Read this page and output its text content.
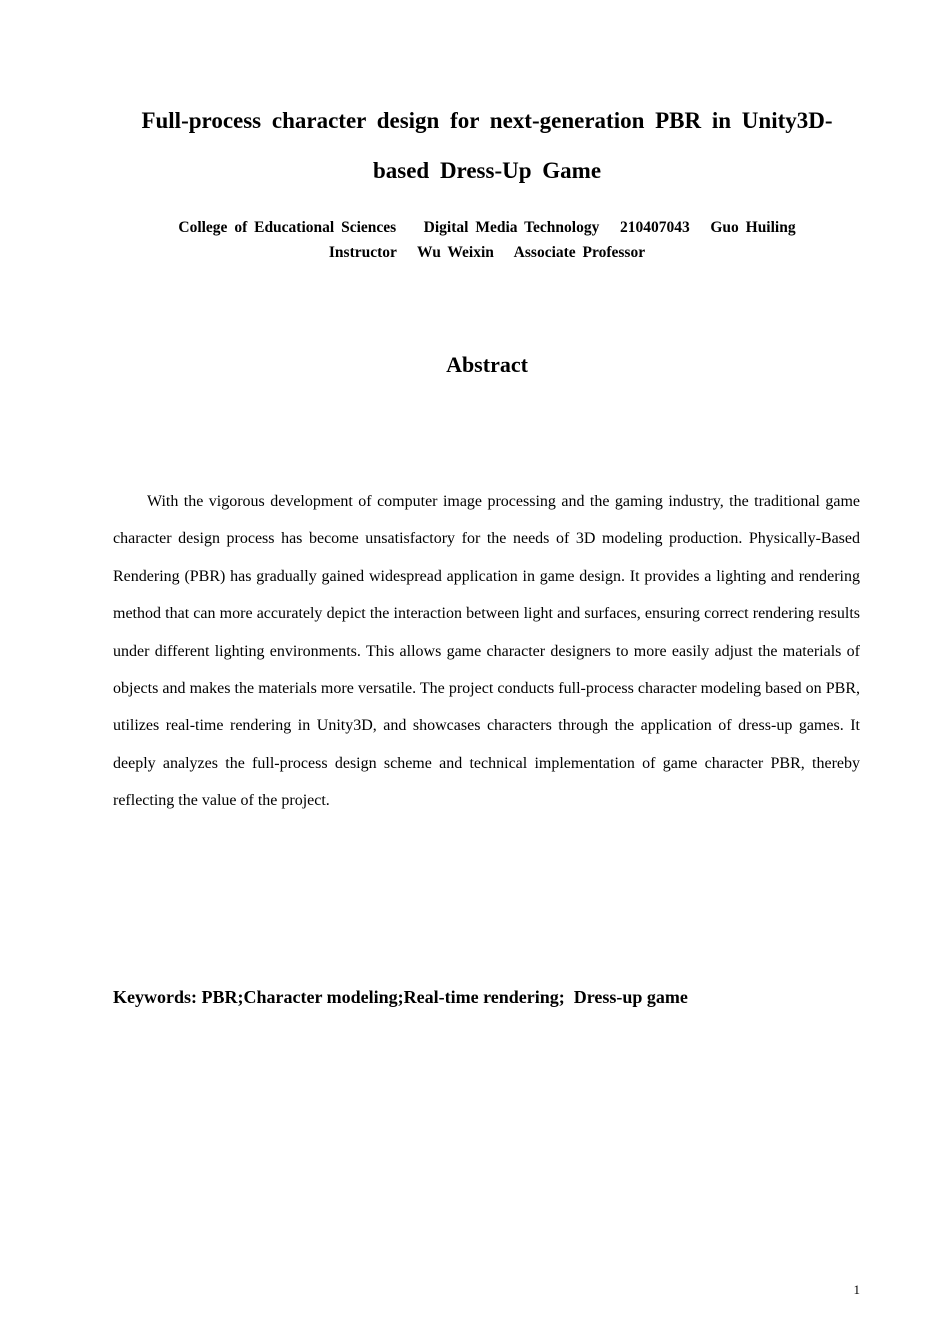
Full-process character design for next-generation PBR in Unity3D-
based Dress-Up Game
College of Educational Sciences    Digital Media Technology   210407043   Guo Huiling
Instructor   Wu Weixin   Associate Professor
Abstract

With the vigorous development of computer image processing and the gaming industry, the traditional game character design process has become unsatisfactory for the needs of 3D modeling production. Physically-Based Rendering (PBR) has gradually gained widespread application in game design. It provides a lighting and rendering method that can more accurately depict the interaction between light and surfaces, ensuring correct rendering results under different lighting environments. This allows game character designers to more easily adjust the materials of objects and makes the materials more versatile. The project conducts full-process character modeling based on PBR, utilizes real-time rendering in Unity3D, and showcases characters through the application of dress-up games. It deeply analyzes the full-process design scheme and technical implementation of game character PBR, thereby reflecting the value of the project.

Keywords: PBR;Character modeling;Real-time rendering;  Dress-up game
1
